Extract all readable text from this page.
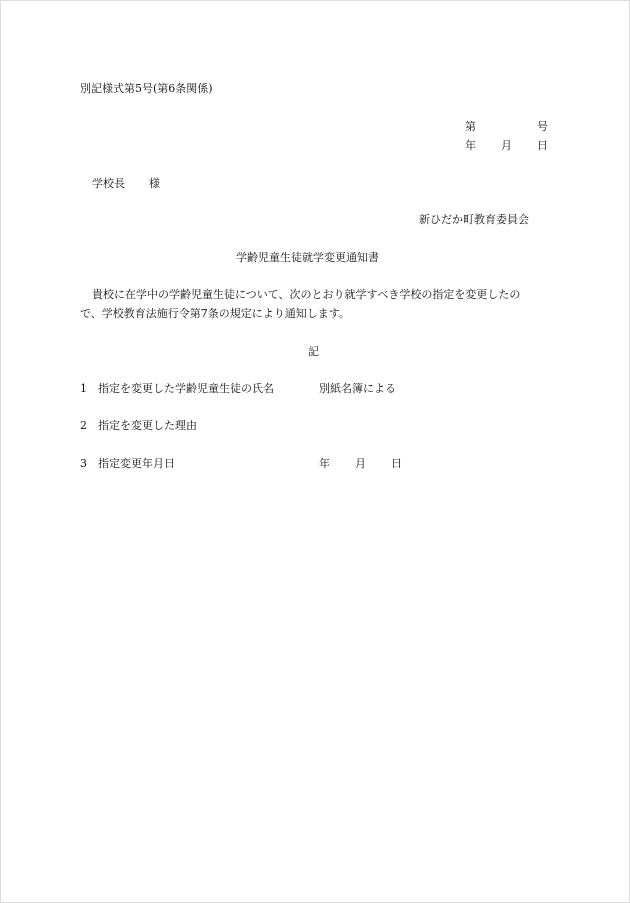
別記様式第5号(第6条関係)
第	号
年 月 日
学校長 様
新ひだか町教育委員会
学齢児童生徒就学変更通知書
貴校に在学中の学齢児童生徒について、次のとおり就学すべき学校の指定を変更したの
で、学校教育法施行令第7条の規定により通知します。
記
1 指定を変更した学齢児童生徒の氏名	別紙名簿による
2 指定を変更した理由
3 指定変更年月日	年 月 日
